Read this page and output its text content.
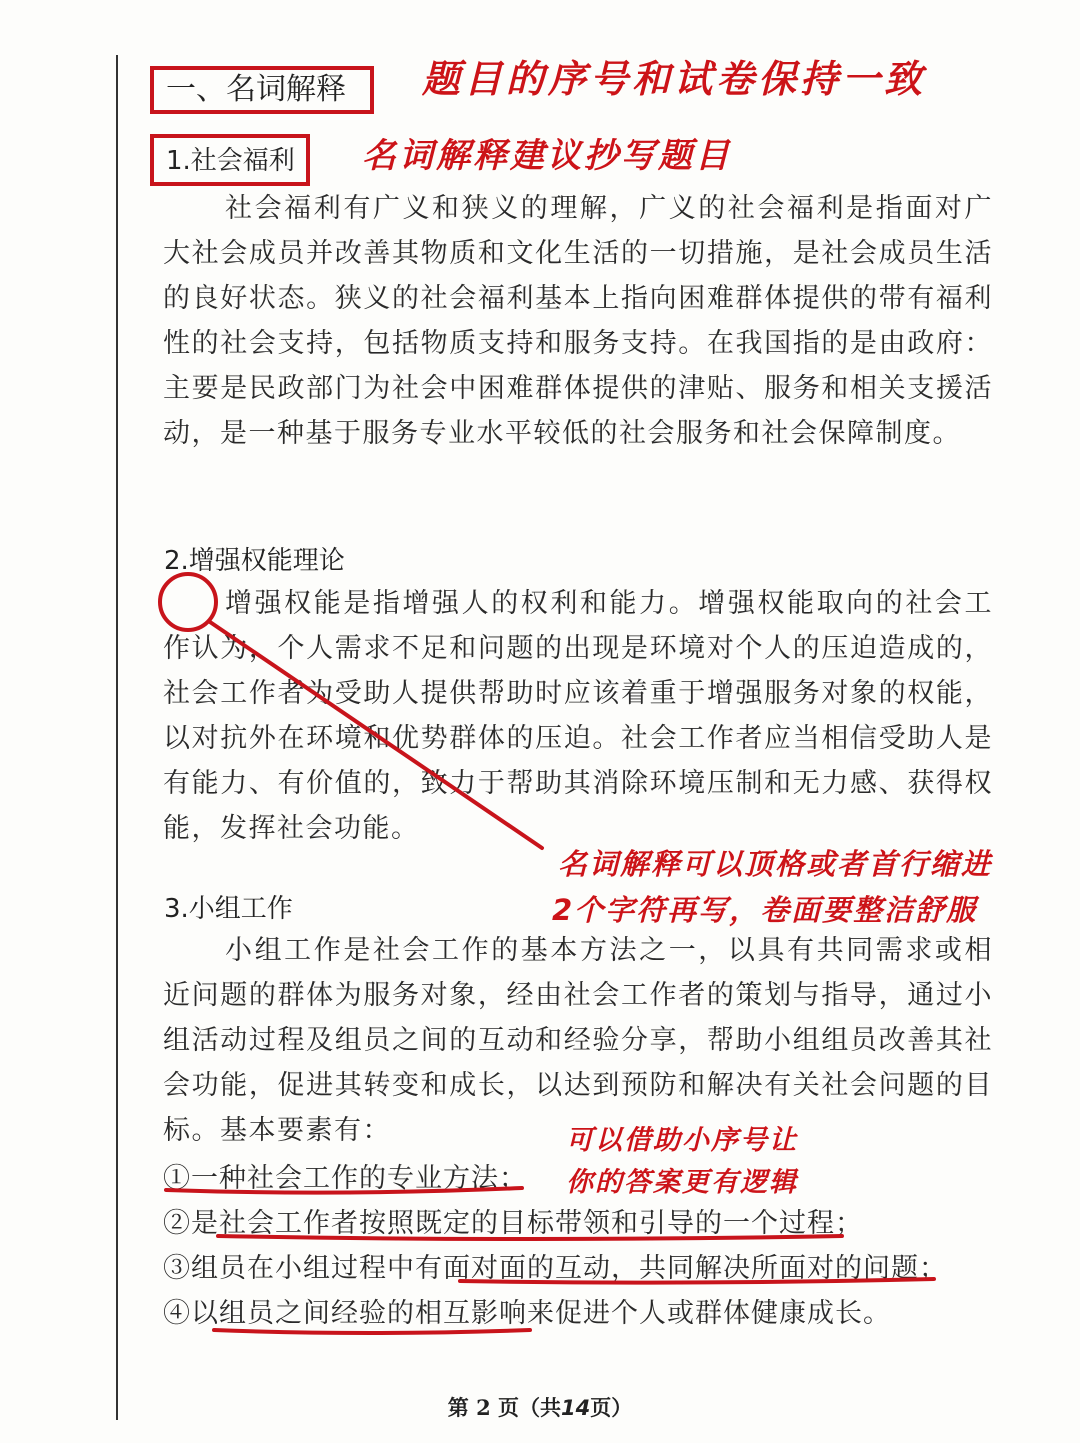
一、名词解释	题目的序号和试卷保持一致
1.社会福利	名词解释建议抄写题目

社会福利有广义和狭义的理解，广义的社会福利是指面对广大社会成员并改善其物质和文化生活的一切措施，是社会成员生活的良好状态。狭义的社会福利基本上指向困难群体提供的带有福利性的社会支持，包括物质支持和服务支持。在我国指的是由政府：主要是民政部门为社会中困难群体提供的津贴、服务和相关支援活动，是一种基于服务专业水平较低的社会服务和社会保障制度。

2.增强权能理论

增强权能是指增强人的权利和能力。增强权能取向的社会工作认为，个人需求不足和问题的出现是环境对个人的压迫造成的，社会工作者为受助人提供帮助时应该着重于增强服务对象的权能，以对抗外在环境和优势群体的压迫。社会工作者应当相信受助人是有能力、有价值的，致力于帮助其消除环境压制和无力感、获得权能，发挥社会功能。

名词解释可以顶格或者首行缩进
2个字符再写，卷面要整洁舒服
3.小组工作

小组工作是社会工作的基本方法之一，以具有共同需求或相近问题的群体为服务对象，经由社会工作者的策划与指导，通过小组活动过程及组员之间的互动和经验分享，帮助小组组员改善其社会功能，促进其转变和成长，以达到预防和解决有关社会问题的目标。基本要素有：	可以借助小序号让
你的答案更有逻辑
①一种社会工作的专业方法；
②是社会工作者按照既定的目标带领和引导的一个过程；
③组员在小组过程中有面对面的互动，共同解决所面对的问题；
④以组员之间经验的相互影响来促进个人或群体健康成长。
第 2 页（共14页）
